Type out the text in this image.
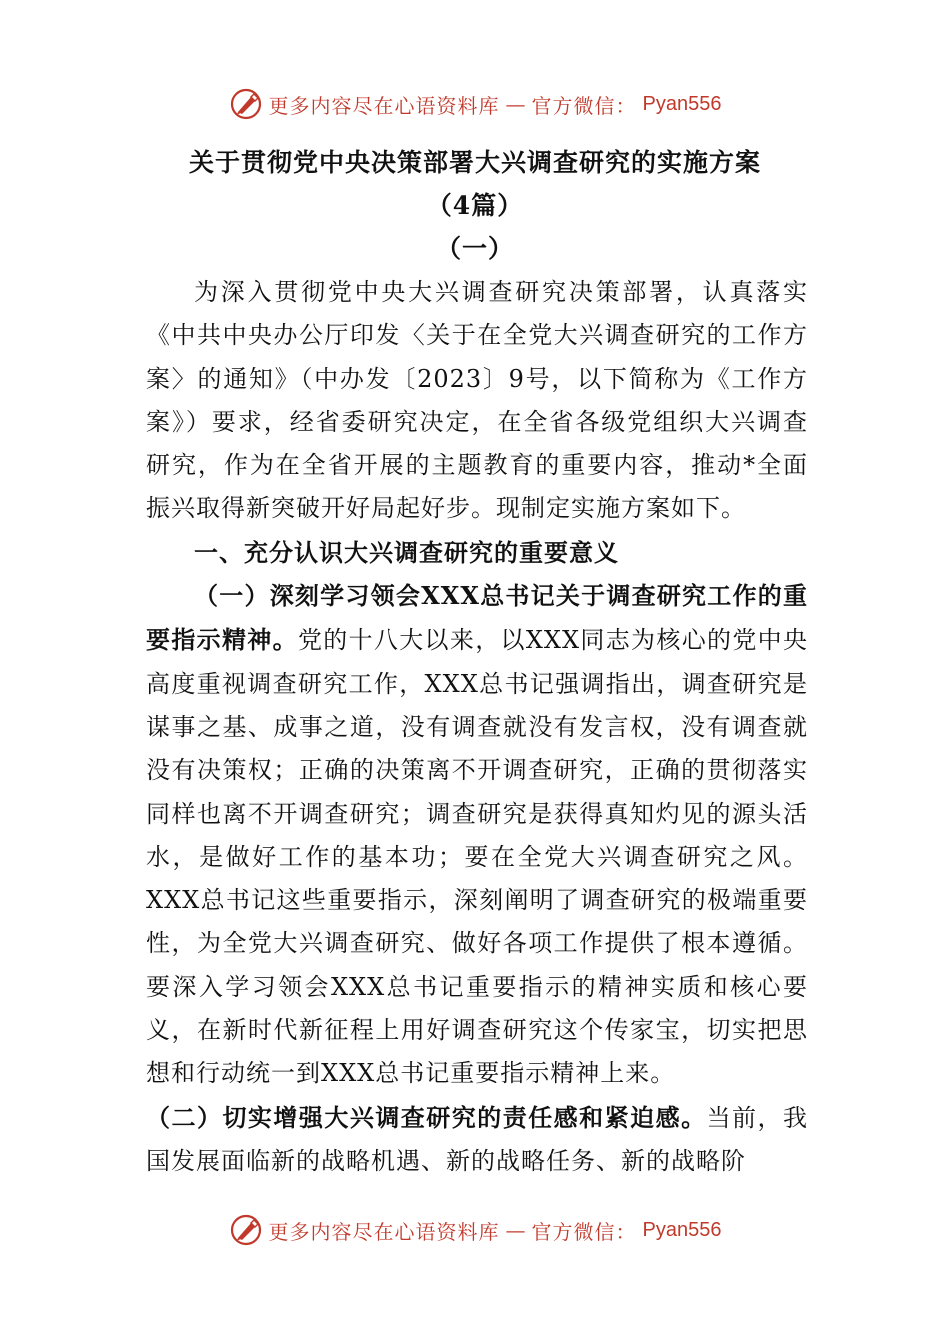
更多内容尽在心语资料库 — 官方微信： Pyan556
关于贯彻党中央决策部署大兴调查研究的实施方案
（4篇）
（一）

为深入贯彻党中央大兴调查研究决策部署，认真落实《中共中央办公厅印发〈关于在全党大兴调查研究的工作方案〉的通知》（中办发〔2023〕9号，以下简称为《工作方案》）要求，经省委研究决定，在全省各级党组织大兴调查研究，作为在全省开展的主题教育的重要内容，推动*全面振兴取得新突破开好局起好步。现制定实施方案如下。

一、充分认识大兴调查研究的重要意义

（一）深刻学习领会XXX总书记关于调查研究工作的重要指示精神。党的十八大以来，以XXX同志为核心的党中央高度重视调查研究工作，XXX总书记强调指出，调查研究是谋事之基、成事之道，没有调查就没有发言权，没有调查就没有决策权；正确的决策离不开调查研究，正确的贯彻落实同样也离不开调查研究；调查研究是获得真知灼见的源头活水，是做好工作的基本功；要在全党大兴调查研究之风。XXX总书记这些重要指示，深刻阐明了调查研究的极端重要性，为全党大兴调查研究、做好各项工作提供了根本遵循。要深入学习领会XXX总书记重要指示的精神实质和核心要义，在新时代新征程上用好调查研究这个传家宝，切实把思想和行动统一到XXX总书记重要指示精神上来。

（二）切实增强大兴调查研究的责任感和紧迫感。当前，我国发展面临新的战略机遇、新的战略任务、新的战略阶

更多内容尽在心语资料库 — 官方微信： Pyan556
